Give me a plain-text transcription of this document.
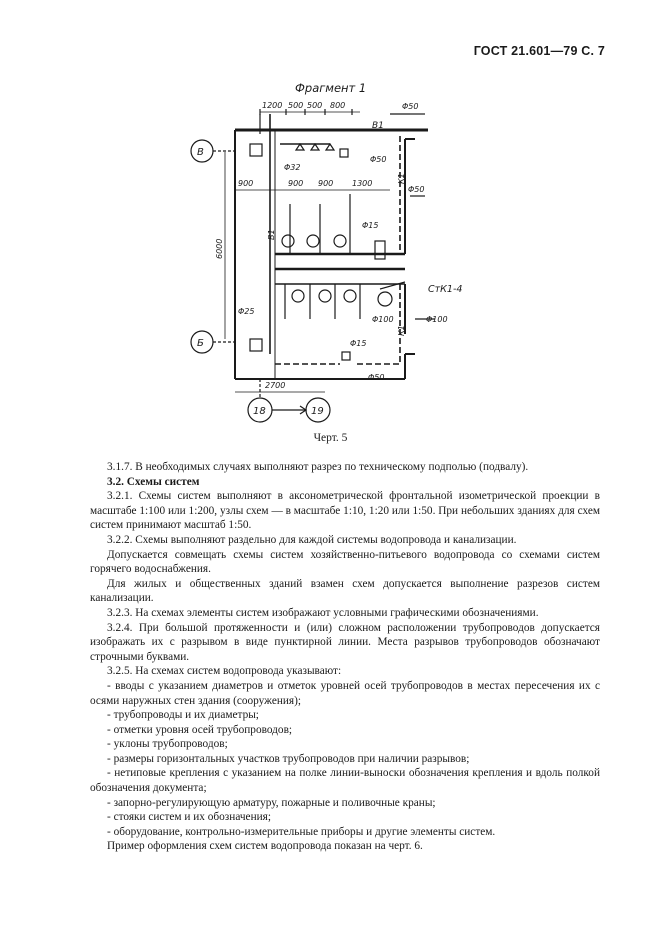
ГОСТ 21.601—79 С. 7
Фрагмент 1
1200 500 500 800	Φ50
В1
В
Φ50
Φ32
900	900 900 1300
Φ50
Φ15
6000
В1
К1
К1
СтК1-4
Φ100	Φ100
Φ25
Б	Φ15
Φ50
2700
18	19
Черт. 5

3.1.7. В необходимых случаях выполняют разрез по техническому подполью (подвалу).

3.2. Схемы систем

3.2.1. Схемы систем выполняют в аксонометрической фронтальной изометрической проекции в масштабе 1:100 или 1:200, узлы схем — в масштабе 1:10, 1:20 или 1:50. При небольших зданиях для схем систем принимают масштаб 1:50.

3.2.2. Схемы выполняют раздельно для каждой системы водопровода и канализации.

Допускается совмещать схемы систем хозяйственно-питьевого водопровода со схемами систем горячего водоснабжения.

Для жилых и общественных зданий взамен схем допускается выполнение разрезов систем канализации.

3.2.3. На схемах элементы систем изображают условными графическими обозначениями.

3.2.4. При большой протяженности и (или) сложном расположении трубопроводов допускается изображать их с разрывом в виде пунктирной линии. Места разрывов трубопроводов обозначают строчными буквами.

3.2.5. На схемах систем водопровода указывают:

- вводы с указанием диаметров и отметок уровней осей трубопроводов в местах пересечения их с осями наружных стен здания (сооружения);

- трубопроводы и их диаметры;

- отметки уровня осей трубопроводов;

- уклоны трубопроводов;

- размеры горизонтальных участков трубопроводов при наличии разрывов;

- нетиповые крепления с указанием на полке линии-выноски обозначения крепления и вдоль полкой обозначения документа;

- запорно-регулирующую арматуру, пожарные и поливочные краны;

- стояки систем и их обозначения;

- оборудование, контрольно-измерительные приборы и другие элементы систем.

Пример оформления схем систем водопровода показан на черт. 6.
